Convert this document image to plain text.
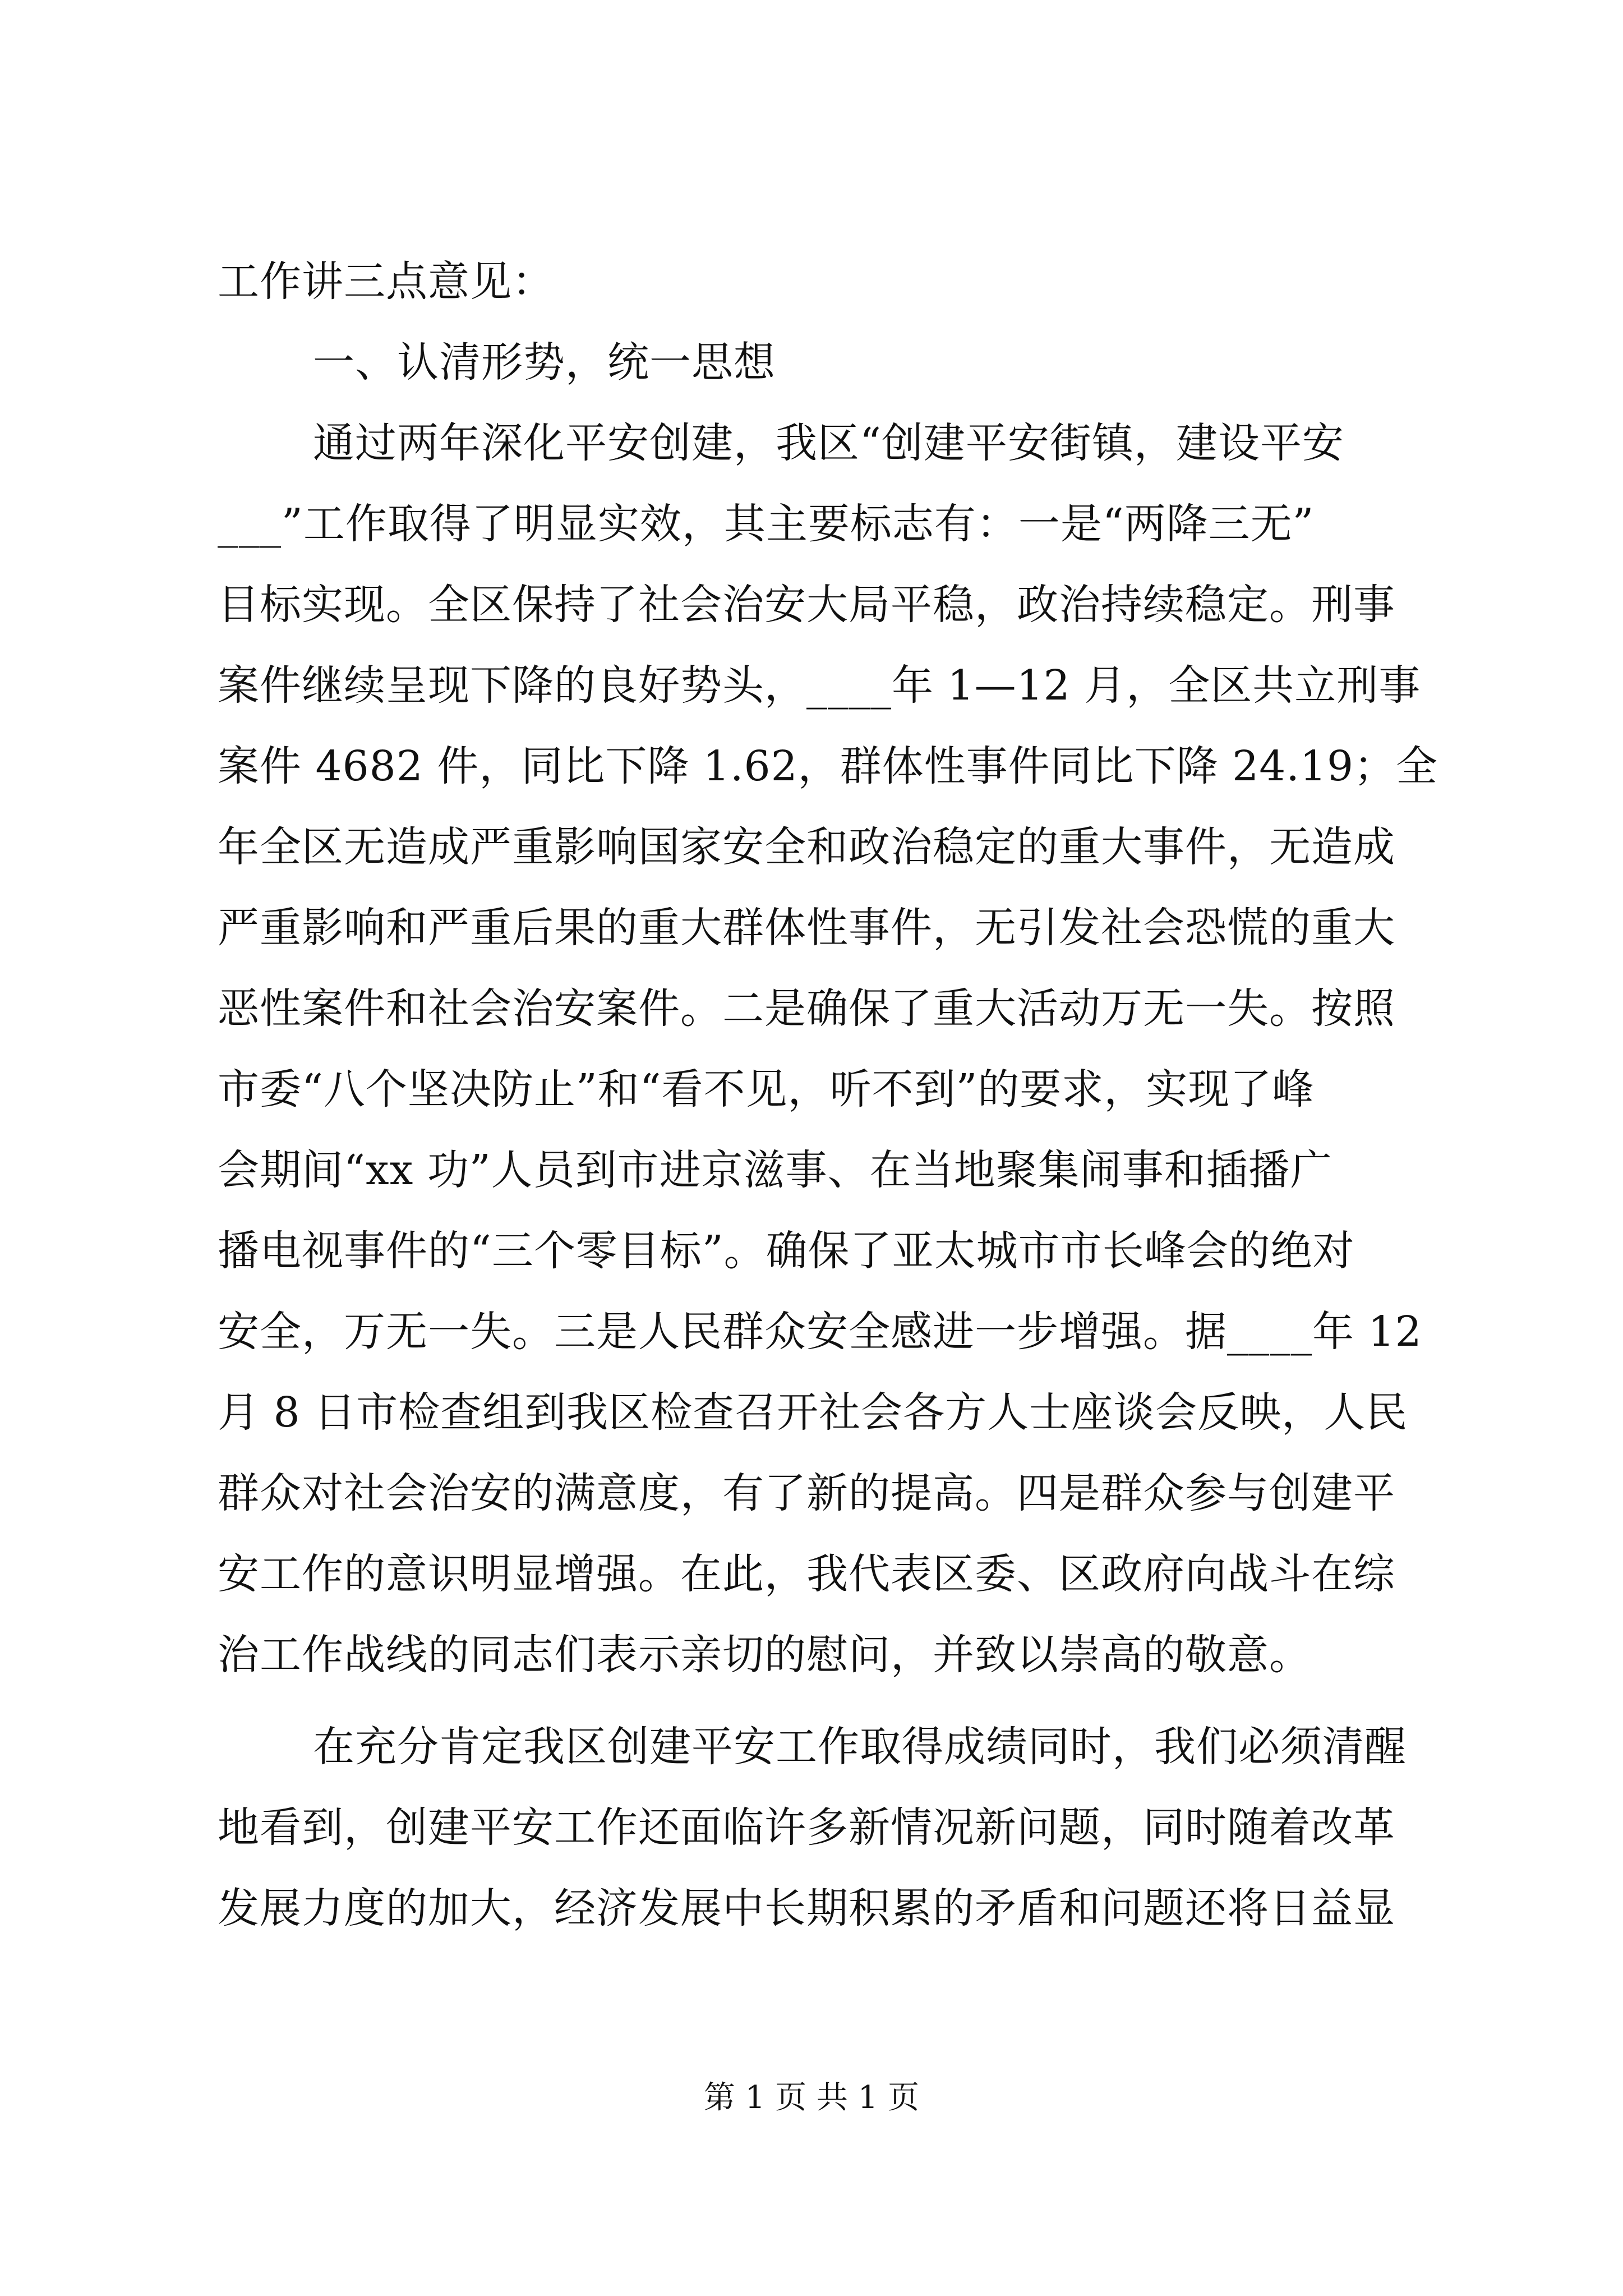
工作讲三点意见：
一、认清形势，统一思想
通过两年深化平安创建，我区“创建平安街镇，建设平安
___”工作取得了明显实效，其主要标志有：一是“两降三无”
目标实现。全区保持了社会治安大局平稳，政治持续稳定。刑事
案件继续呈现下降的良好势头，____年 1—12 月，全区共立刑事
案件 4682 件，同比下降 1.62，群体性事件同比下降 24.19；全
年全区无造成严重影响国家安全和政治稳定的重大事件，无造成
严重影响和严重后果的重大群体性事件，无引发社会恐慌的重大
恶性案件和社会治安案件。二是确保了重大活动万无一失。按照
市委“八个坚决防止”和“看不见，听不到”的要求，实现了峰
会期间“xx 功”人员到市进京滋事、在当地聚集闹事和插播广
播电视事件的“三个零目标”。确保了亚太城市市长峰会的绝对
安全，万无一失。三是人民群众安全感进一步增强。据____年 12
月 8 日市检查组到我区检查召开社会各方人士座谈会反映，人民
群众对社会治安的满意度，有了新的提高。四是群众参与创建平
安工作的意识明显增强。在此，我代表区委、区政府向战斗在综
治工作战线的同志们表示亲切的慰问，并致以崇高的敬意。
在充分肯定我区创建平安工作取得成绩同时，我们必须清醒
地看到，创建平安工作还面临许多新情况新问题，同时随着改革
发展力度的加大，经济发展中长期积累的矛盾和问题还将日益显
第 1 页 共 1 页
